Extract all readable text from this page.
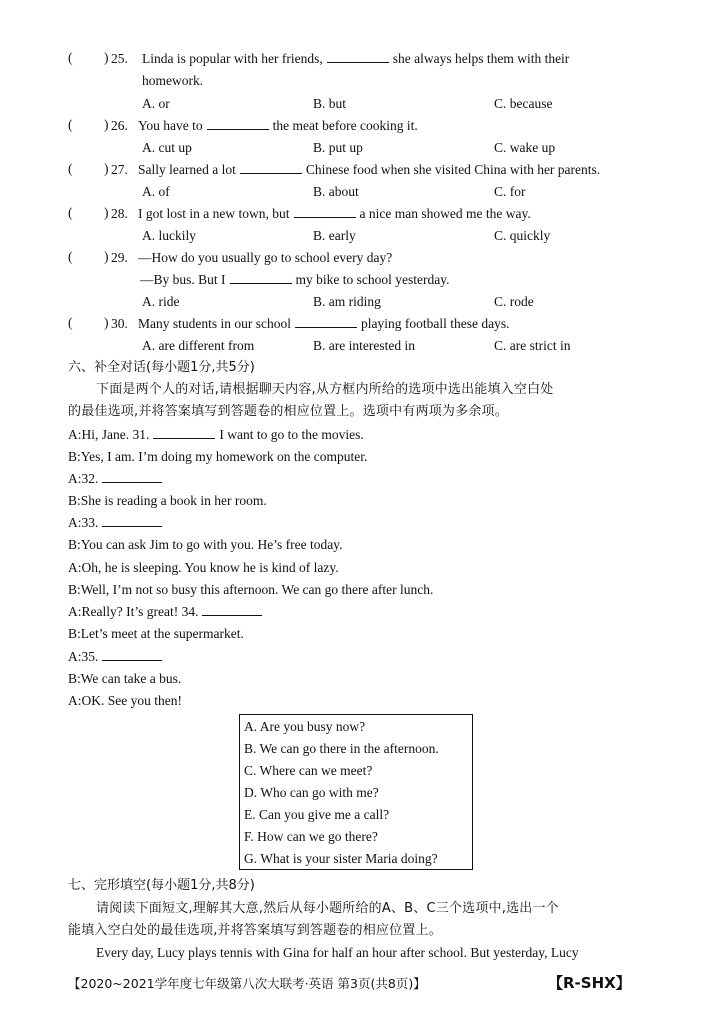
( ) 25. Linda is popular with her friends,	she always helps them with their
homework.
A. or	B. but	C. because
( ) 26. You have to	the meat before cooking it.
A. cut up	B. put up	C. wake up
( ) 27. Sally learned a lot	Chinese food when she visited China with her parents.
A. of	B. about	C. for
( ) 28. I got lost in a new town, but	a nice man showed me the way.
A. luckily	B. early	C. quickly
( ) 29. —How do you usually go to school every day?
—By bus. But I	my bike to school yesterday.
A. ride	B. am riding	C. rode
( ) 30. Many students in our school	playing football these days.
A. are different from	B. are interested in	C. are strict in
六、补全对话(每小题1分,共5分)
下面是两个人的对话,请根据聊天内容,从方框内所给的选项中选出能填入空白处
的最佳选项,并将答案填写到答题卷的相应位置上。选项中有两项为多余项。
A:Hi, Jane. 31.	I want to go to the movies.
B:Yes, I am. I’m doing my homework on the computer.
A:32.
B:She is reading a book in her room.
A:33.
B:You can ask Jim to go with you. He’s free today.
A:Oh, he is sleeping. You know he is kind of lazy.
B:Well, I’m not so busy this afternoon. We can go there after lunch.
A:Really? It’s great! 34.
B:Let’s meet at the supermarket.
A:35.
B:We can take a bus.
A:OK. See you then!
A. Are you busy now?
B. We can go there in the afternoon.
C. Where can we meet?
D. Who can go with me?
E. Can you give me a call?
F. How can we go there?
G. What is your sister Maria doing?
七、完形填空(每小题1分,共8分)
请阅读下面短文,理解其大意,然后从每小题所给的A、B、C三个选项中,选出一个
能填入空白处的最佳选项,并将答案填写到答题卷的相应位置上。
Every day, Lucy plays tennis with Gina for half an hour after school. But yesterday, Lucy
【2020~2021学年度七年级第八次大联考·英语 第3页(共8页)】	【R-SHX】
